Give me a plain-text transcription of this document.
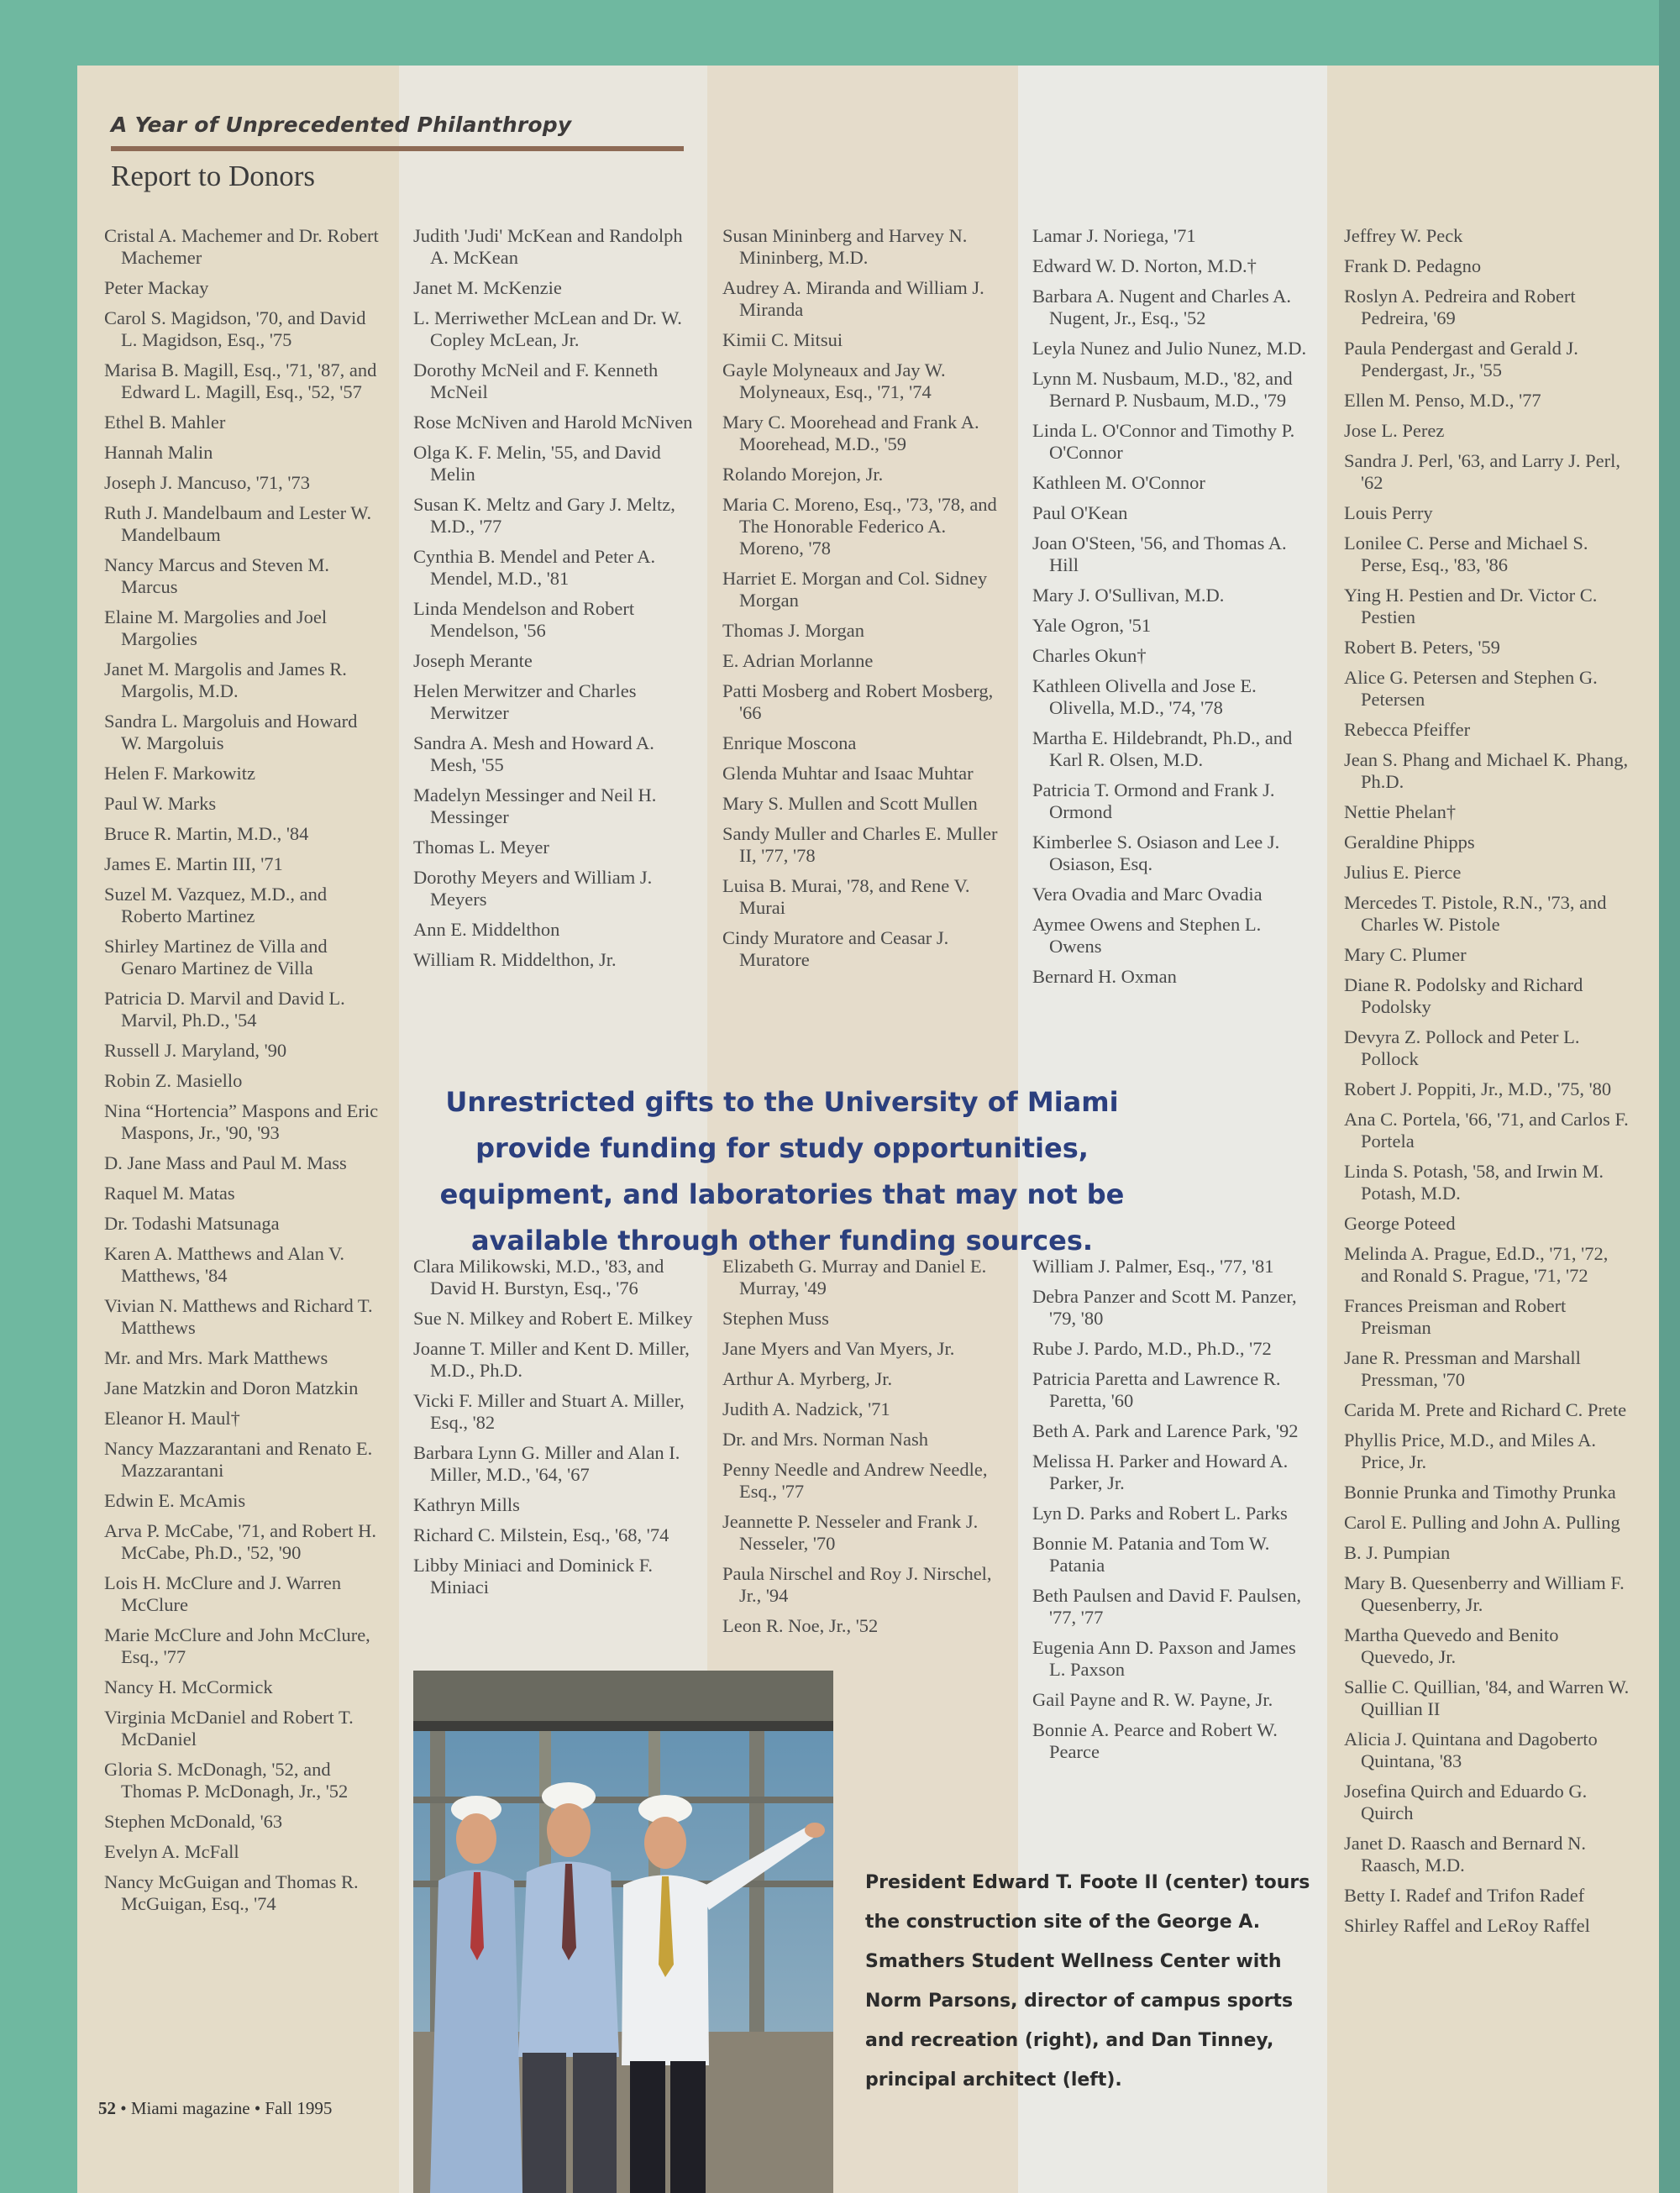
A Year of Unprecedented Philanthropy
Report to Donors
Cristal A. Machemer and Dr. Robert Machemer
Peter Mackay
Carol S. Magidson, '70, and David L. Magidson, Esq., '75
Marisa B. Magill, Esq., '71, '87, and Edward L. Magill, Esq., '52, '57
Ethel B. Mahler
Hannah Malin
Joseph J. Mancuso, '71, '73
Ruth J. Mandelbaum and Lester W. Mandelbaum
Nancy Marcus and Steven M. Marcus
Elaine M. Margolies and Joel Margolies
Janet M. Margolis and James R. Margolis, M.D.
Sandra L. Margoluis and Howard W. Margoluis
Helen F. Markowitz
Paul W. Marks
Bruce R. Martin, M.D., '84
James E. Martin III, '71
Suzel M. Vazquez, M.D., and Roberto Martinez
Shirley Martinez de Villa and Genaro Martinez de Villa
Patricia D. Marvil and David L. Marvil, Ph.D., '54
Russell J. Maryland, '90
Robin Z. Masiello
Nina “Hortencia” Maspons and Eric Maspons, Jr., '90, '93
D. Jane Mass and Paul M. Mass
Raquel M. Matas
Dr. Todashi Matsunaga
Karen A. Matthews and Alan V. Matthews, '84
Vivian N. Matthews and Richard T. Matthews
Mr. and Mrs. Mark Matthews
Jane Matzkin and Doron Matzkin
Eleanor H. Maul†
Nancy Mazzarantani and Renato E. Mazzarantani
Edwin E. McAmis
Arva P. McCabe, '71, and Robert H. McCabe, Ph.D., '52, '90
Lois H. McClure and J. Warren McClure
Marie McClure and John McClure, Esq., '77
Nancy H. McCormick
Virginia McDaniel and Robert T. McDaniel
Gloria S. McDonagh, '52, and Thomas P. McDonagh, Jr., '52
Stephen McDonald, '63
Evelyn A. McFall
Nancy McGuigan and Thomas R. McGuigan, Esq., '74
Judith 'Judi' McKean and Randolph A. McKean
Janet M. McKenzie
L. Merriwether McLean and Dr. W. Copley McLean, Jr.
Dorothy McNeil and F. Kenneth McNeil
Rose McNiven and Harold McNiven
Olga K. F. Melin, '55, and David Melin
Susan K. Meltz and Gary J. Meltz, M.D., '77
Cynthia B. Mendel and Peter A. Mendel, M.D., '81
Linda Mendelson and Robert Mendelson, '56
Joseph Merante
Helen Merwitzer and Charles Merwitzer
Sandra A. Mesh and Howard A. Mesh, '55
Madelyn Messinger and Neil H. Messinger
Thomas L. Meyer
Dorothy Meyers and William J. Meyers
Ann E. Middelthon
William R. Middelthon, Jr.
Susan Mininberg and Harvey N. Mininberg, M.D.
Audrey A. Miranda and William J. Miranda
Kimii C. Mitsui
Gayle Molyneaux and Jay W. Molyneaux, Esq., '71, '74
Mary C. Moorehead and Frank A. Moorehead, M.D., '59
Rolando Morejon, Jr.
Maria C. Moreno, Esq., '73, '78, and The Honorable Federico A. Moreno, '78
Harriet E. Morgan and Col. Sidney Morgan
Thomas J. Morgan
E. Adrian Morlanne
Patti Mosberg and Robert Mosberg, '66
Enrique Moscona
Glenda Muhtar and Isaac Muhtar
Mary S. Mullen and Scott Mullen
Sandy Muller and Charles E. Muller II, '77, '78
Luisa B. Murai, '78, and Rene V. Murai
Cindy Muratore and Ceasar J. Muratore
Lamar J. Noriega, '71
Edward W. D. Norton, M.D.†
Barbara A. Nugent and Charles A. Nugent, Jr., Esq., '52
Leyla Nunez and Julio Nunez, M.D.
Lynn M. Nusbaum, M.D., '82, and Bernard P. Nusbaum, M.D., '79
Linda L. O'Connor and Timothy P. O'Connor
Kathleen M. O'Connor
Paul O'Kean
Joan O'Steen, '56, and Thomas A. Hill
Mary J. O'Sullivan, M.D.
Yale Ogron, '51
Charles Okun†
Kathleen Olivella and Jose E. Olivella, M.D., '74, '78
Martha E. Hildebrandt, Ph.D., and Karl R. Olsen, M.D.
Patricia T. Ormond and Frank J. Ormond
Kimberlee S. Osiason and Lee J. Osiason, Esq.
Vera Ovadia and Marc Ovadia
Aymee Owens and Stephen L. Owens
Bernard H. Oxman
Jeffrey W. Peck
Frank D. Pedagno
Roslyn A. Pedreira and Robert Pedreira, '69
Paula Pendergast and Gerald J. Pendergast, Jr., '55
Ellen M. Penso, M.D., '77
Jose L. Perez
Sandra J. Perl, '63, and Larry J. Perl, '62
Louis Perry
Lonilee C. Perse and Michael S. Perse, Esq., '83, '86
Ying H. Pestien and Dr. Victor C. Pestien
Robert B. Peters, '59
Alice G. Petersen and Stephen G. Petersen
Rebecca Pfeiffer
Jean S. Phang and Michael K. Phang, Ph.D.
Nettie Phelan†
Geraldine Phipps
Julius E. Pierce
Mercedes T. Pistole, R.N., '73, and Charles W. Pistole
Mary C. Plumer
Diane R. Podolsky and Richard Podolsky
Devyra Z. Pollock and Peter L. Pollock
Robert J. Poppiti, Jr., M.D., '75, '80
Ana C. Portela, '66, '71, and Carlos F. Portela
Linda S. Potash, '58, and Irwin M. Potash, M.D.
George Poteed
Melinda A. Prague, Ed.D., '71, '72, and Ronald S. Prague, '71, '72
Frances Preisman and Robert Preisman
Jane R. Pressman and Marshall Pressman, '70
Carida M. Prete and Richard C. Prete
Phyllis Price, M.D., and Miles A. Price, Jr.
Bonnie Prunka and Timothy Prunka
Carol E. Pulling and John A. Pulling
B. J. Pumpian
Mary B. Quesenberry and William F. Quesenberry, Jr.
Martha Quevedo and Benito Quevedo, Jr.
Sallie C. Quillian, '84, and Warren W. Quillian II
Alicia J. Quintana and Dagoberto Quintana, '83
Josefina Quirch and Eduardo G. Quirch
Janet D. Raasch and Bernard N. Raasch, M.D.
Betty I. Radef and Trifon Radef
Shirley Raffel and LeRoy Raffel
Unrestricted gifts to the University of Miami provide funding for study opportunities, equipment, and laboratories that may not be available through other funding sources.
Clara Milikowski, M.D., '83, and David H. Burstyn, Esq., '76
Sue N. Milkey and Robert E. Milkey
Joanne T. Miller and Kent D. Miller, M.D., Ph.D.
Vicki F. Miller and Stuart A. Miller, Esq., '82
Barbara Lynn G. Miller and Alan I. Miller, M.D., '64, '67
Kathryn Mills
Richard C. Milstein, Esq., '68, '74
Libby Miniaci and Dominick F. Miniaci
Elizabeth G. Murray and Daniel E. Murray, '49
Stephen Muss
Jane Myers and Van Myers, Jr.
Arthur A. Myrberg, Jr.
Judith A. Nadzick, '71
Dr. and Mrs. Norman Nash
Penny Needle and Andrew Needle, Esq., '77
Jeannette P. Nesseler and Frank J. Nesseler, '70
Paula Nirschel and Roy J. Nirschel, Jr., '94
Leon R. Noe, Jr., '52
William J. Palmer, Esq., '77, '81
Debra Panzer and Scott M. Panzer, '79, '80
Rube J. Pardo, M.D., Ph.D., '72
Patricia Paretta and Lawrence R. Paretta, '60
Beth A. Park and Larence Park, '92
Melissa H. Parker and Howard A. Parker, Jr.
Lyn D. Parks and Robert L. Parks
Bonnie M. Patania and Tom W. Patania
Beth Paulsen and David F. Paulsen, '77, '77
Eugenia Ann D. Paxson and James L. Paxson
Gail Payne and R. W. Payne, Jr.
Bonnie A. Pearce and Robert W. Pearce
President Edward T. Foote II (center) tours the construction site of the George A. Smathers Student Wellness Center with Norm Parsons, director of campus sports and recreation (right), and Dan Tinney, principal architect (left).
52 • Miami magazine • Fall 1995
